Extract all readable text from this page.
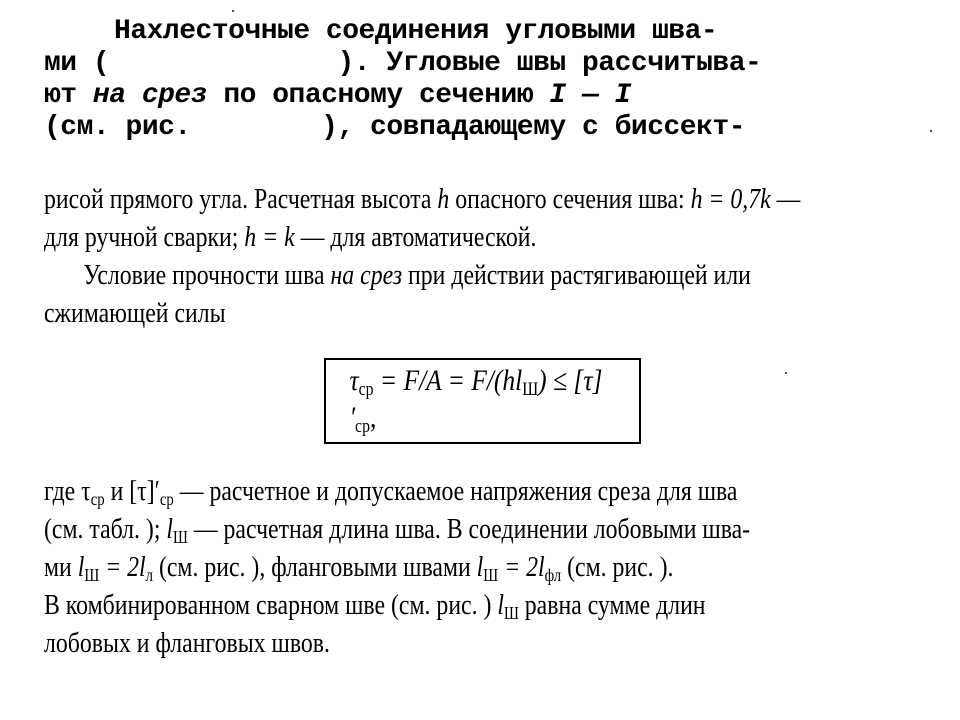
Нахлесточные соединения угловыми шва-
ми (              ). Угловые швы рассчитыва-
ют на срез по опасному сечению I — I
(см. рис.        ), совпадающему с биссект-
рисой прямого угла. Расчетная высота h опасного сечения шва: h = 0,7k —
для ручной сварки; h = k — для автоматической.
Условие прочности шва на срез при действии растягивающей или
сжимающей силы
$\tau_{ср} = F/A = F/(hl_Ш) \le [\tau]'_{ср}$,
где $\tau_{ср}$ и $[\tau]'_{ср}$ — расчетное и допускаемое напряжения среза для шва
(см. табл. ); $l_Ш$ — расчетная длина шва. В соединении лобовыми шва-
ми $l_Ш = 2l_л$ (см. рис. ), фланговыми швами $l_Ш = 2l_{фл}$ (см. рис. ).
В комбинированном сварном шве (см. рис. ) $l_Ш$ равна сумме длин
лобовых и фланговых швов.
